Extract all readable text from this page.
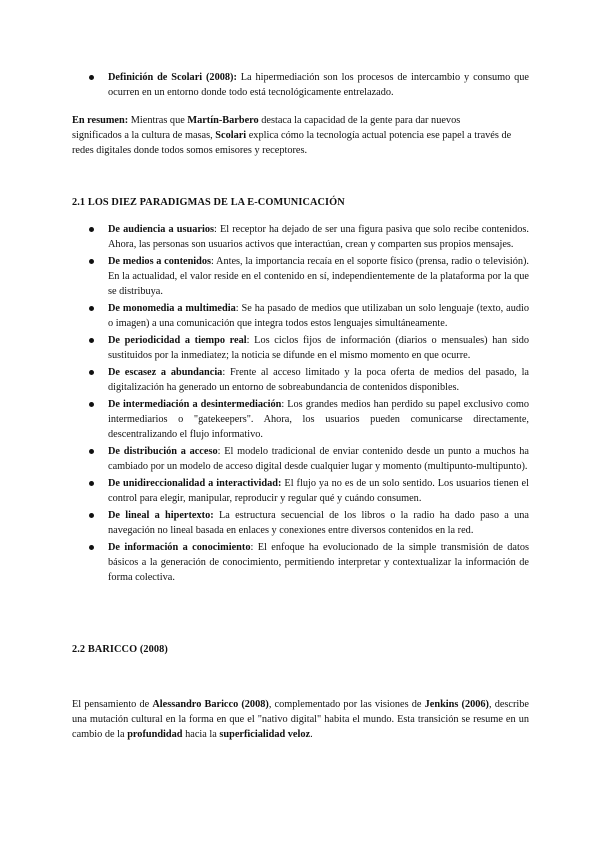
Definición de Scolari (2008): La hipermediación son los procesos de intercambio y consumo que ocurren en un entorno donde todo está tecnológicamente entrelazado.

En resumen: Mientras que Martín-Barbero destaca la capacidad de la gente para dar nuevos significados a la cultura de masas, Scolari explica cómo la tecnología actual potencia ese papel a través de redes digitales donde todos somos emisores y receptores.

2.1 LOS DIEZ PARADIGMAS DE LA E-COMUNICACIÓN
De audiencia a usuarios: El receptor ha dejado de ser una figura pasiva que solo recibe contenidos. Ahora, las personas son usuarios activos que interactúan, crean y comparten sus propios mensajes.
De medios a contenidos: Antes, la importancia recaía en el soporte físico (prensa, radio o televisión). En la actualidad, el valor reside en el contenido en sí, independientemente de la plataforma por la que se distribuya.
De monomedia a multimedia: Se ha pasado de medios que utilizaban un solo lenguaje (texto, audio o imagen) a una comunicación que integra todos estos lenguajes simultáneamente.
De periodicidad a tiempo real: Los ciclos fijos de información (diarios o mensuales) han sido sustituidos por la inmediatez; la noticia se difunde en el mismo momento en que ocurre.
De escasez a abundancia: Frente al acceso limitado y la poca oferta de medios del pasado, la digitalización ha generado un entorno de sobreabundancia de contenidos disponibles.
De intermediación a desintermediación: Los grandes medios han perdido su papel exclusivo como intermediarios o "gatekeepers". Ahora, los usuarios pueden comunicarse directamente, descentralizando el flujo informativo.
De distribución a acceso: El modelo tradicional de enviar contenido desde un punto a muchos ha cambiado por un modelo de acceso digital desde cualquier lugar y momento (multipunto-multipunto).
De unidireccionalidad a interactividad: El flujo ya no es de un solo sentido. Los usuarios tienen el control para elegir, manipular, reproducir y regular qué y cuándo consumen.
De lineal a hipertexto: La estructura secuencial de los libros o la radio ha dado paso a una navegación no lineal basada en enlaces y conexiones entre diversos contenidos en la red.
De información a conocimiento: El enfoque ha evolucionado de la simple transmisión de datos básicos a la generación de conocimiento, permitiendo interpretar y contextualizar la información de forma colectiva.
2.2 BARICCO (2008)

El pensamiento de Alessandro Baricco (2008), complementado por las visiones de Jenkins (2006), describe una mutación cultural en la forma en que el "nativo digital" habita el mundo. Esta transición se resume en un cambio de la profundidad hacia la superficialidad veloz.
